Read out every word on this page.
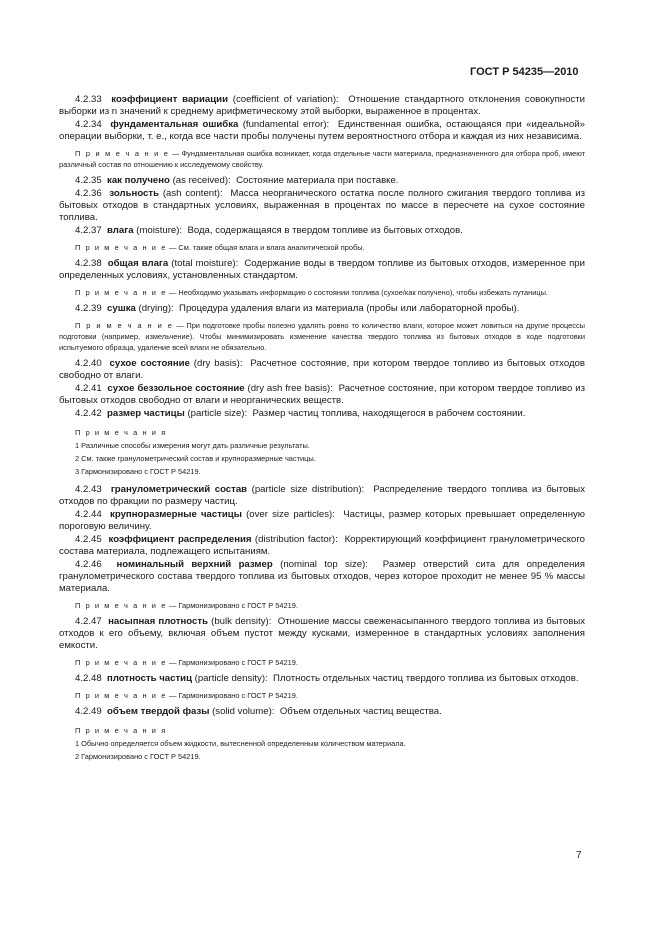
ГОСТ Р 54235—2010

4.2.33 коэффициент вариации (coefficient of variation): Отношение стандартного отклонения совокупности выборки из n значений к среднему арифметическому этой выборки, выраженное в процентах.

4.2.34 фундаментальная ошибка (fundamental error): Единственная ошибка, остающаяся при «идеальной» операции выборки, т. е., когда все части пробы получены путем вероятностного отбора и каждая из них независима.

П р и м е ч а н и е — Фундаментальная ошибка возникает, когда отдельные части материала, предназначенного для отбора проб, имеют различный состав по отношению к исследуемому свойству.

4.2.35 как получено (as received): Состояние материала при поставке.

4.2.36 зольность (ash content): Масса неорганического остатка после полного сжигания твердого топлива из бытовых отходов в стандартных условиях, выраженная в процентах по массе в пересчете на сухое состояние топлива.

4.2.37 влага (moisture): Вода, содержащаяся в твердом топливе из бытовых отходов.

П р и м е ч а н и е — См. также общая влага и влага аналитической пробы.

4.2.38 общая влага (total moisture): Содержание воды в твердом топливе из бытовых отходов, измеренное при определенных условиях, установленных стандартом.

П р и м е ч а н и е — Необходимо указывать информацию о состоянии топлива (сухое/как получено), чтобы избежать путаницы.

4.2.39 сушка (drying): Процедура удаления влаги из материала (пробы или лабораторной пробы).

П р и м е ч а н и е — При подготовке пробы полезно удалять ровно то количество влаги, которое может ловиться на другие процессы подготовки (например, измельчение). Чтобы минимизировать изменение качества твердого топлива из бытовых отходов в ходе подготовки испытуемого образца, удаление всей влаги не обязательно.

4.2.40 сухое состояние (dry basis): Расчетное состояние, при котором твердое топливо из бытовых отходов свободно от влаги.

4.2.41 сухое беззольное состояние (dry ash free basis): Расчетное состояние, при котором твердое топливо из бытовых отходов свободно от влаги и неорганических веществ.

4.2.42 размер частицы (particle size): Размер частиц топлива, находящегося в рабочем состоянии.

П р и м е ч а н и я
1 Различные способы измерения могут дать различные результаты.
2 См. также гранулометрический состав и крупноразмерные частицы.
3 Гармонизировано с ГОСТ Р 54219.

4.2.43 гранулометрический состав (particle size distribution): Распределение твердого топлива из бытовых отходов по фракции по размеру частиц.

4.2.44 крупноразмерные частицы (over size particles): Частицы, размер которых превышает определенную пороговую величину.

4.2.45 коэффициент распределения (distribution factor): Корректирующий коэффициент гранулометрического состава материала, подлежащего испытаниям.

4.2.46 номинальный верхний размер (nominal top size): Размер отверстий сита для определения гранулометрического состава твердого топлива из бытовых отходов, через которое проходит не менее 95 % массы материала.

П р и м е ч а н и е — Гармонизировано с ГОСТ Р 54219.

4.2.47 насыпная плотность (bulk density): Отношение массы свеженасыпанного твердого топлива из бытовых отходов к его объему, включая объем пустот между кусками, измеренное в стандартных условиях заполнения емкости.

П р и м е ч а н и е — Гармонизировано с ГОСТ Р 54219.

4.2.48 плотность частиц (particle density): Плотность отдельных частиц твердого топлива из бытовых отходов.

П р и м е ч а н и е — Гармонизировано с ГОСТ Р 54219.

4.2.49 объем твердой фазы (solid volume): Объем отдельных частиц вещества.

П р и м е ч а н и я
1 Обычно определяется объем жидкости, вытесненной определенным количеством материала.
2 Гармонизировано с ГОСТ Р 54219.
7
